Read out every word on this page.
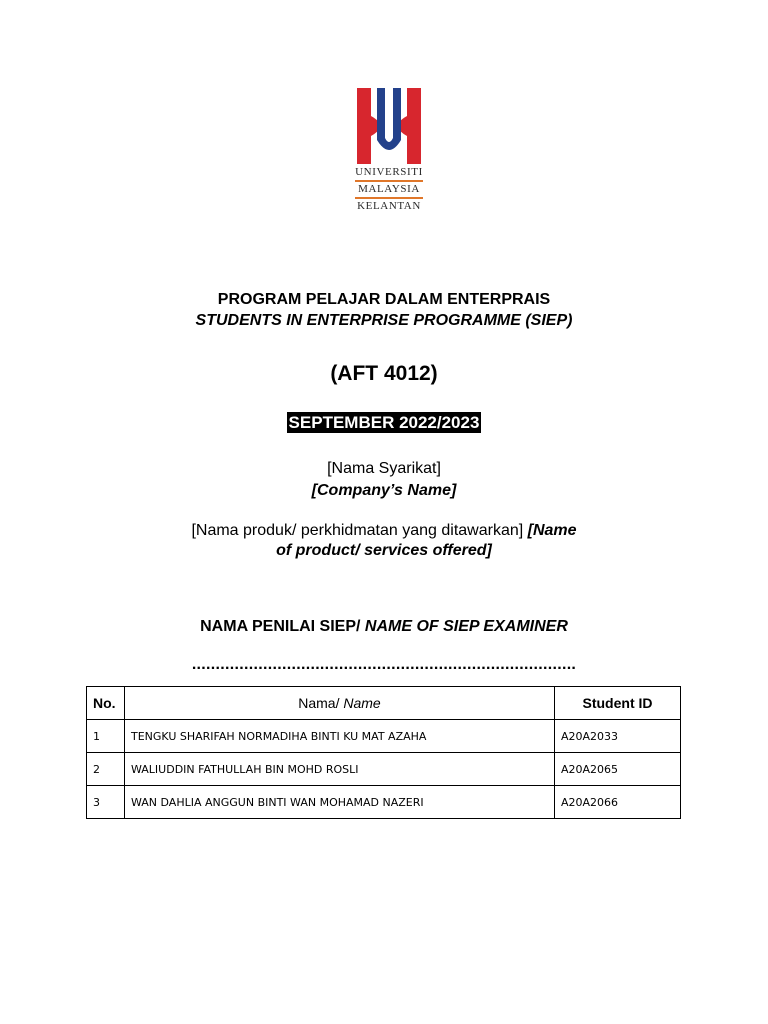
UNIVERSITI
MALAYSIA
KELANTAN
PROGRAM PELAJAR DALAM ENTERPRAIS
STUDENTS IN ENTERPRISE PROGRAMME (SIEP)
(AFT 4012)
SEPTEMBER 2022/2023
[Nama Syarikat]
[Company’s Name]
[Nama produk/ perkhidmatan yang ditawarkan] [Name
of product/ services offered]
NAMA PENILAI SIEP/ NAME OF SIEP EXAMINER
.................................................................................
No.	Nama/ Name	Student ID
1	TENGKU SHARIFAH NORMADIHA BINTI KU MAT AZAHA	A20A2033
2	WALIUDDIN FATHULLAH BIN MOHD ROSLI	A20A2065
3	WAN DAHLIA ANGGUN BINTI WAN MOHAMAD NAZERI	A20A2066
